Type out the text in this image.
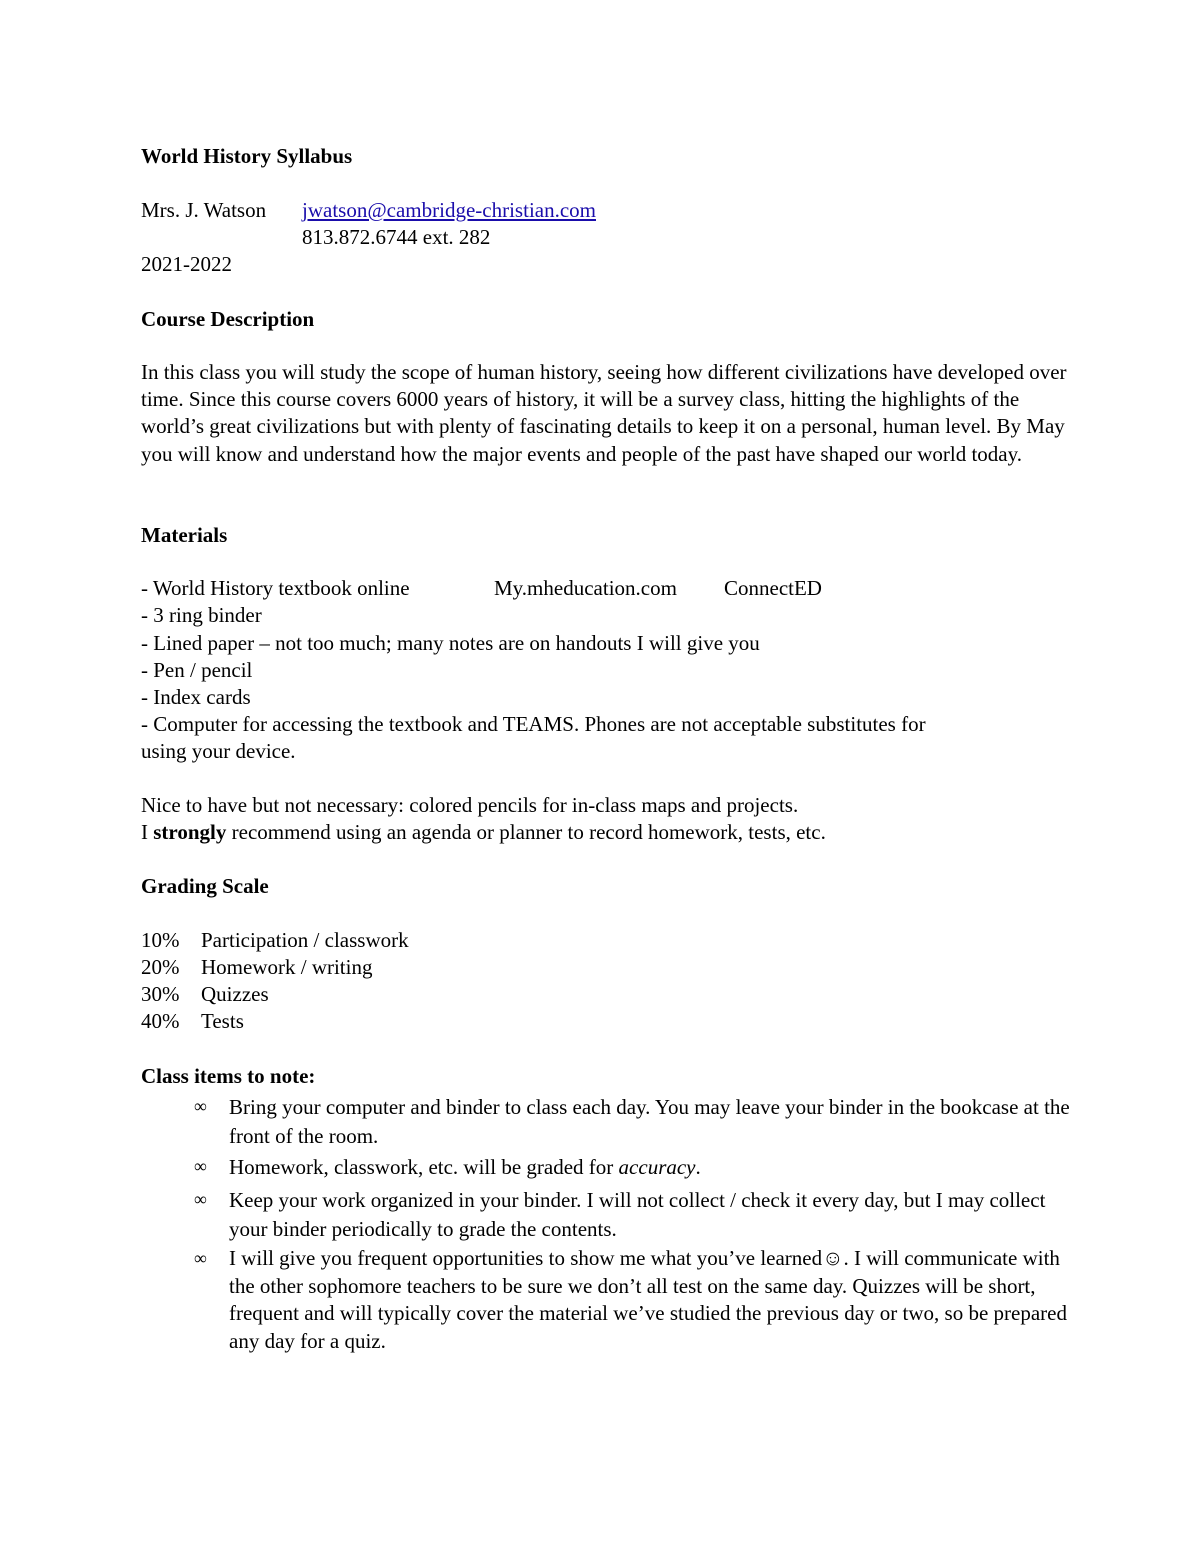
World History Syllabus
Mrs. J. Watson jwatson@cambridge-christian.com
813.872.6744 ext. 282
2021-2022
Course Description
In this class you will study the scope of human history, seeing how different civilizations have developed over time. Since this course covers 6000 years of history, it will be a survey class, hitting the highlights of the world’s great civilizations but with plenty of fascinating details to keep it on a personal, human level. By May you will know and understand how the major events and people of the past have shaped our world today.
Materials
- World History textbook online	My.mheducation.com ConnectED
- 3 ring binder
- Lined paper – not too much; many notes are on handouts I will give you
- Pen / pencil
- Index cards
- Computer for accessing the textbook and TEAMS. Phones are not acceptable substitutes for
using your device.
Nice to have but not necessary: colored pencils for in-class maps and projects.
I strongly recommend using an agenda or planner to record homework, tests, etc.
Grading Scale
10% Participation / classwork
20% Homework / writing
30% Quizzes
40% Tests
Class items to note:
∞ Bring your computer and binder to class each day. You may leave your binder in the bookcase at the front of the room.
∞ Homework, classwork, etc. will be graded for accuracy.
∞ Keep your work organized in your binder. I will not collect / check it every day, but I may collect your binder periodically to grade the contents.
∞ I will give you frequent opportunities to show me what you’ve learned☺. I will communicate with the other sophomore teachers to be sure we don’t all test on the same day. Quizzes will be short, frequent and will typically cover the material we’ve studied the previous day or two, so be prepared any day for a quiz.
